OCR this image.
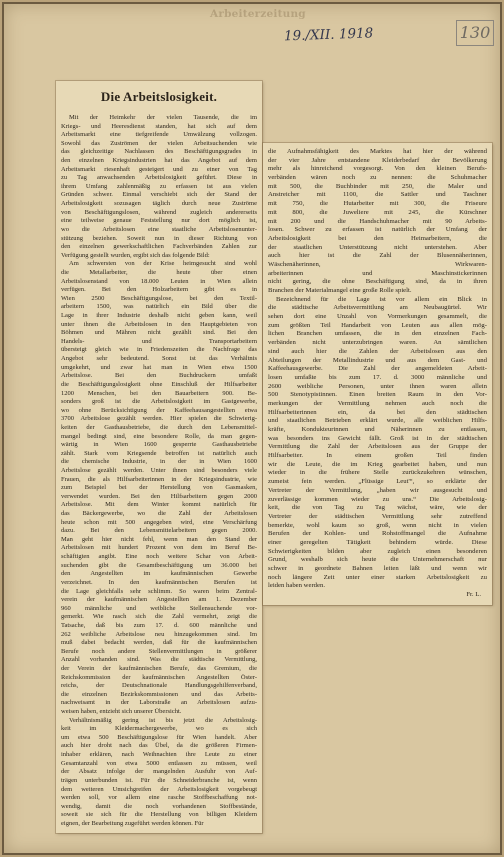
Arbeiterzeitung
19./XII. 1918	130
Die Arbeitslosigkeit.
Mit der Heimkehr der vielen Tausende, die im
Kriegs- und Heeresdienst standen, hat sich auf dem
Arbeitsmarkt eine tiefgreifende Umwälzung vollzogen.
Sowohl das Zuströmen der vielen Arbeitsuchenden wie
das gleichzeitige Nachlassen des Beschäftigungsgrades in
den einzelnen Kriegsindustrien hat das Angebot auf dem
Arbeitsmarkt riesenhaft gesteigert und zu einer von Tag
zu Tag anwachsenden Arbeitslosigkeit geführt. Diese in
ihrem Umfang zahlenmäßig zu erfassen ist aus vielen
Gründen schwer. Einmal verschiebt sich der Stand der
Arbeitslosigkeit sozusagen täglich durch neue Zuströme
von Beschäftigungslosen, während zugleich andererseits
eine teilweise genaue Feststellung nur dort möglich ist,
wo die Arbeitslosen eine staatliche Arbeitslosenunter-
stützung beziehen. Soweit nun in dieser Richtung von
den einzelnen gewerkschaftlichen Fachverbänden Zahlen zur
Verfügung gestellt wurden, ergibt sich das folgende Bild:
Am schwersten von der Krise heimgesucht sind wohl
die Metallarbeiter, die heute über einen
Arbeitslosenstand von 18.000 Leuten in Wien allein
verfügen. Bei den Holzarbeitern gibt es in
Wien 2500 Beschäftigungslose, bei den Textil-
arbeitern 1500, was natürlich ein Bild über die
Lage in ihrer Industrie deshalb nicht geben kann, weil
unter ihnen die Arbeitslosen in den Hauptgebieten von
Böhmen und Mähren nicht gezählt sind. Bei den
Handels- und Transportarbeitern
übersteigt gleich wie in Friedenszeiten die Nachfrage das
Angebot sehr bedeutend. Sonst ist das Verhältnis
umgekehrt, und zwar hat man in Wien etwa 1500
Arbeitslose. Bei den Buchdruckern umfaßt
die Beschäftigungslosigkeit ohne Einschluß der Hilfsarbeiter
1200 Menschen, bei den Bauarbeitern 900. Be-
sonders groß ist die Arbeitslosigkeit im Gastgewerbe,
wo ohne Berücksichtigung der Kaffeehausangestellten etwa
3700 Arbeitslose gezählt werden. Hier spielen die Schwierig-
keiten der Gasthausbetriebe, die durch den Lebensmittel-
mangel bedingt sind, eine besondere Rolle, da man gegen-
wärtig in Wien 1600 gesperrte Gasthausbetriebe
zählt. Stark vom Kriegsende betroffen ist natürlich auch
die chemische Industrie, in der in Wien 1600
Arbeitslose gezählt werden. Unter ihnen sind besonders viele
Frauen, die als Hilfsarbeiterinnen in der Kriegsindustrie, wie
zum Beispiel bei der Herstellung von Gasmasken,
verwendet wurden. Bei den Hilfsarbeitern gegen 2000
Arbeitslose. Mit dem Winter kommt natürlich für
das Bäckergewerbe, wo die Zahl der Arbeitslosen
heute schon mit 500 angegeben wird, eine Verschärfung
dazu. Bei den Lebensmittelarbeitern gegen 2000.
Man geht hier nicht fehl, wenn man den Stand der
Arbeitslosen mit hundert Prozent von dem im Beruf Be-
schäftigten angibt. Eine noch weitere Schar von Arbeit-
suchenden gibt die Gesamtbeschäftigung um 36.000 bei
den Angestellten im kaufmännischen Gewerbe
verzeichnet. In den kaufmännischen Berufen ist
die Lage gleichfalls sehr schlimm. So waren beim Zentral-
verein der kaufmännischen Angestellten am 1. Dezember
960 männliche und weibliche Stellensuchende vor-
gemerkt. Wie rasch sich die Zahl vermehrt, zeigt die
Tatsache, daß bis zum 17. d. 600 männliche und
262 weibliche Arbeitslose neu hinzugekommen sind. Im
muß dabei bedacht werden, daß für die kaufmännischen
Berufe noch andere Stellenvermittlungen in größerer
Anzahl vorhanden sind. Was die städtische Vermittlung,
der Verein der kaufmännischen Berufe, das Gremium, die
Reichskommission der kaufmännischen Angestellten Öster-
reichs, der Deutschnationale Handlungsgehilfenverband,
die einzelnen Bezirkskommissionen und das Arbeits-
nachweisamt in der Laborstraße an Arbeitslosen aufzu-
weisen haben, entzieht sich unserer Übersicht.
Verhältnismäßig gering ist bis jetzt die Arbeitslosig-
keit im Kleidermachergewerbe, wo es sich
um etwa 500 Beschäftigungslose für Wien handelt. Aber
auch hier droht nach das Übel, da die größeren Firmen-
inhaber erklären, nach Weihnachten ihre Leute zu einer
Gesamtanzahl von etwa 5000 entlassen zu müssen, weil
der Absatz infolge der mangelnden Ausfuhr von Auf-
trägen unterbunden ist. Für die Schneiderbranche ist, wenn
dem weiteren Umsichgreifen der Arbeitslosigkeit vorgebeugt
werden soll, vor allem eine rasche Stoffbeschaffung not-
wendig, damit die noch vorhandenen Stoffbestände,
soweit sie sich für die Herstellung von billigen Kleidern
eignen, der Bearbeitung zugeführt werden können. Für
die Aufnahmsfähigkeit des Marktes hat hier der während
der vier Jahre entstandene Kleiderbedarf der Bevölkerung
mehr als hinreichend vorgesorgt. Von den kleinen Berufs-
verbänden wären noch zu nennen: die Schuhmacher
mit 500, die Buchbinder mit 250, die Maler und
Anstreicher mit 1100, die Sattler und Taschner
mit 750, die Hutarbeiter mit 300, die Friseure
mit 800, die Juweliere mit 245, die Kürschner
mit 200 und die Handschuhmacher mit 90 Arbeits-
losen. Schwer zu erfassen ist natürlich der Umfang der
Arbeitslosigkeit bei den Heimarbeitern, die
der staatlichen Unterstützung nicht unterstehen. Aber
auch hier ist die Zahl der Blusennäherinnen,
Wäschenäherinnen, Wirkwaren-
arbeiterinnen und Maschinstickerinnen
nicht gering, die ohne Beschäftigung sind, da in ihren
Branchen der Materialmangel eine große Rolle spielt.
Bezeichnend für die Lage ist vor allem ein Blick in
die städtische Arbeitsvermittlung am Neubaugürtel. Wir
sehen dort eine Unzahl von Vormerkungen gesammelt, die
zum größten Teil Handarbeit von Leuten aus allen mög-
lichen Branchen umfassen, die in den einzelnen Fach-
verbänden nicht unterzubringen waren. An sämtlichen
sind auch hier die Zahlen der Arbeitslosen aus den
Abteilungen der Metallindustrie und aus dem Gast- und
Kaffeehausgewerbe. Die Zahl der angemeldeten Arbeit-
losen umfaßte bis zum 17. d. 3000 männliche und
2600 weibliche Personen, unter ihnen waren allein
500 Stenotypistinnen. Einen breiten Raum in den Vor-
merkungen der Vermittlung nehmen auch noch die
Hilfsarbeiterinnen ein, da bei den städtischen
und staatlichen Betrieben erklärt wurde, alle weiblichen Hilfs-
kräfte, Kondukteurinnen und Näherinnen zu entlassen,
was besonders ins Gewicht fällt. Groß ist in der städtischen
Vermittlung die Zahl der Arbeitslosen aus der Gruppe der
Hilfsarbeiter. In einem großen Teil finden
wir die Leute, die im Krieg gearbeitet haben, und nun
wieder in die frühere Stelle zurückzukehren wünschen,
zumeist fein werden. „Flüssige Leut'“, so erklärte der
Vertreter der Vermittlung, „haben wir ausgesucht und
zuverlässige kommen wieder zu uns.“ Die Arbeitslosig-
keit, die von Tag zu Tag wächst, wäre, wie der
Vertreter der städtischen Vermittlung sehr zutreffend
bemerkte, wohl kaum so groß, wenn nicht in vielen
Berufen der Kohlen- und Rohstoffmangel die Aufnahme
einer geregelten Tätigkeit behindern würde. Diese
Schwierigkeiten bilden aber zugleich einen besonderen
Grund, weshalb sich heute die Unternehmerschaft nur
schwer in geordnete Bahnen leiten läßt und wenn wir
noch längere Zeit unter einer starken Arbeitslosigkeit zu
leiden haben werden.
Fr. L.
